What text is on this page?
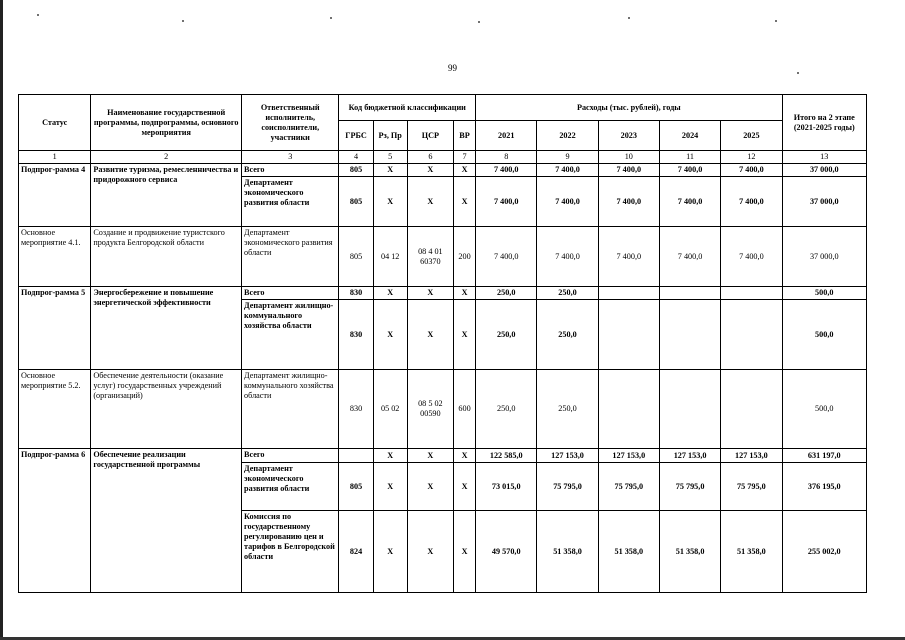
99
Статус	Наименование государственной программы, подпрограммы, основного мероприятия	Ответственный исполнитель, соисполнители, участники	Код бюджетной классификации				Расходы (тыс. рублей), годы					Итого на 2 этапе (2021-2025 годы)
			ГРБС	Рз, Пр	ЦСР	ВР	2021	2022	2023	2024	2025	
1	2	3	4	5	6	7	8	9	10	11	12	13
Подпрог-рамма 4	Развитие туризма, ремесленничества и придорожного сервиса	Всего	805	X	X	X	7 400,0	7 400,0	7 400,0	7 400,0	7 400,0	37 000,0
		Департамент экономического развития области	805	X	X	X	7 400,0	7 400,0	7 400,0	7 400,0	7 400,0	37 000,0
Основное мероприятие 4.1.	Создание и продвижение туристского продукта Белгородской области	Департамент экономического развития области	805	04 12	08 4 01 60370	200	7 400,0	7 400,0	7 400,0	7 400,0	7 400,0	37 000,0
Подпрог-рамма 5	Энергосбережение и повышение энергетической эффективности	Всего	830	X	X	X	250,0	250,0				500,0
		Департамент жилищно-коммунального хозяйства области	830	X	X	X	250,0	250,0				500,0
Основное мероприятие 5.2.	Обеспечение деятельности (оказание услуг) государственных учреждений (организаций)	Департамент жилищно-коммунального хозяйства области	830	05 02	08 5 02 00590	600	250,0	250,0				500,0
Подпрог-рамма 6	Обеспечение реализации государственной программы	Всего		X	X	X	122 585,0	127 153,0	127 153,0	127 153,0	127 153,0	631 197,0
		Департамент экономического развития области	805	X	X	X	73 015,0	75 795,0	75 795,0	75 795,0	75 795,0	376 195,0
		Комиссия по государственному регулированию цен и тарифов в Белгородской области	824	X	X	X	49 570,0	51 358,0	51 358,0	51 358,0	51 358,0	255 002,0
